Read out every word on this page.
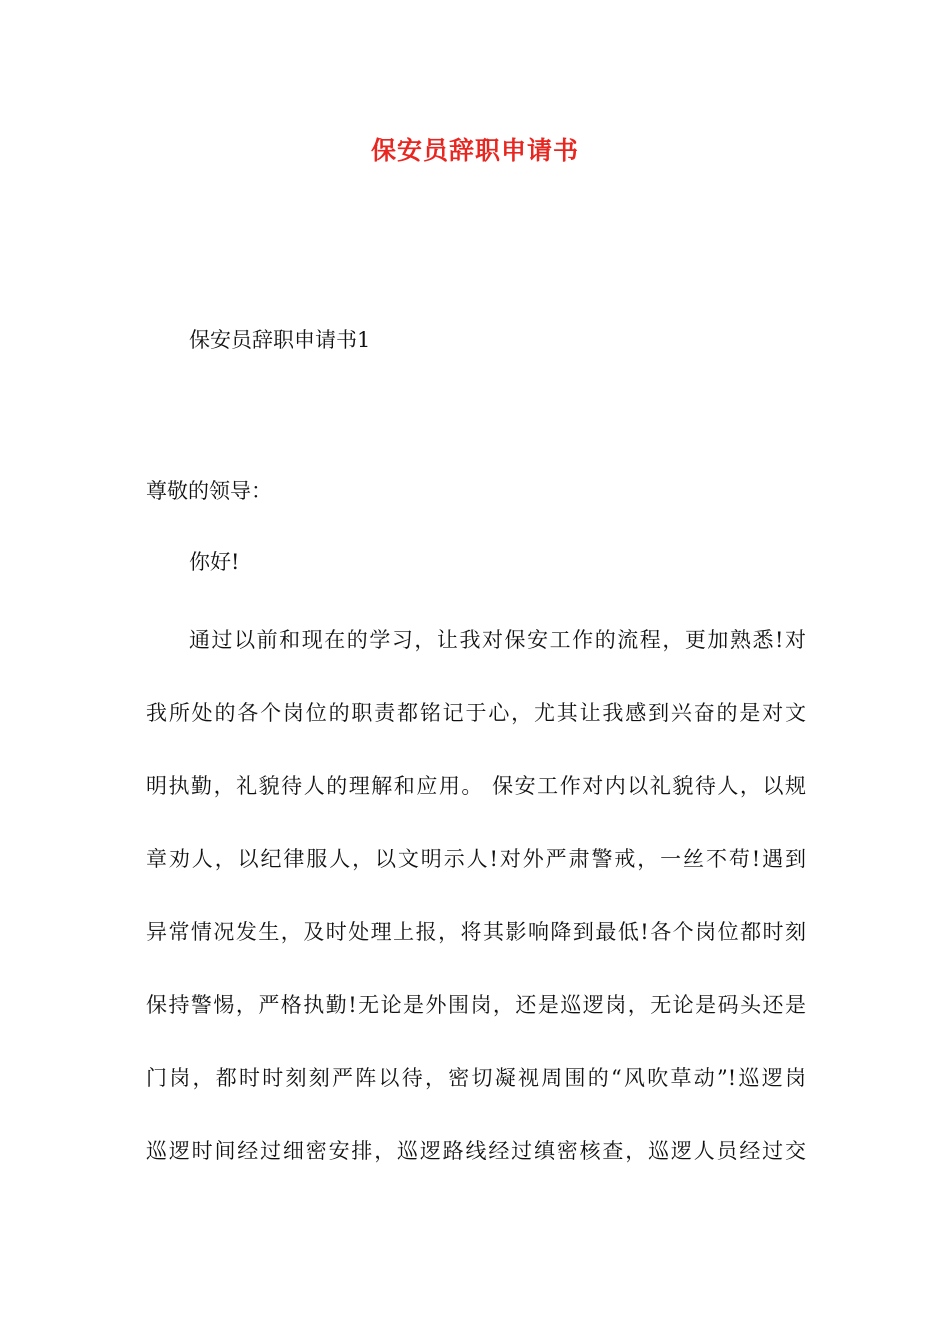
保安员辞职申请书

保安员辞职申请书1

尊敬的领导：

你好!

通过以前和现在的学习，让我对保安工作的流程，更加熟悉!对

我所处的各个岗位的职责都铭记于心，尤其让我感到兴奋的是对文

明执勤，礼貌待人的理解和应用。 保安工作对内以礼貌待人，以规

章劝人，以纪律服人，以文明示人!对外严肃警戒，一丝不苟!遇到

异常情况发生，及时处理上报，将其影响降到最低!各个岗位都时刻

保持警惕，严格执勤!无论是外围岗，还是巡逻岗，无论是码头还是

门岗，都时时刻刻严阵以待，密切凝视周围的“风吹草动”!巡逻岗

巡逻时间经过细密安排，巡逻路线经过缜密核查，巡逻人员经过交
